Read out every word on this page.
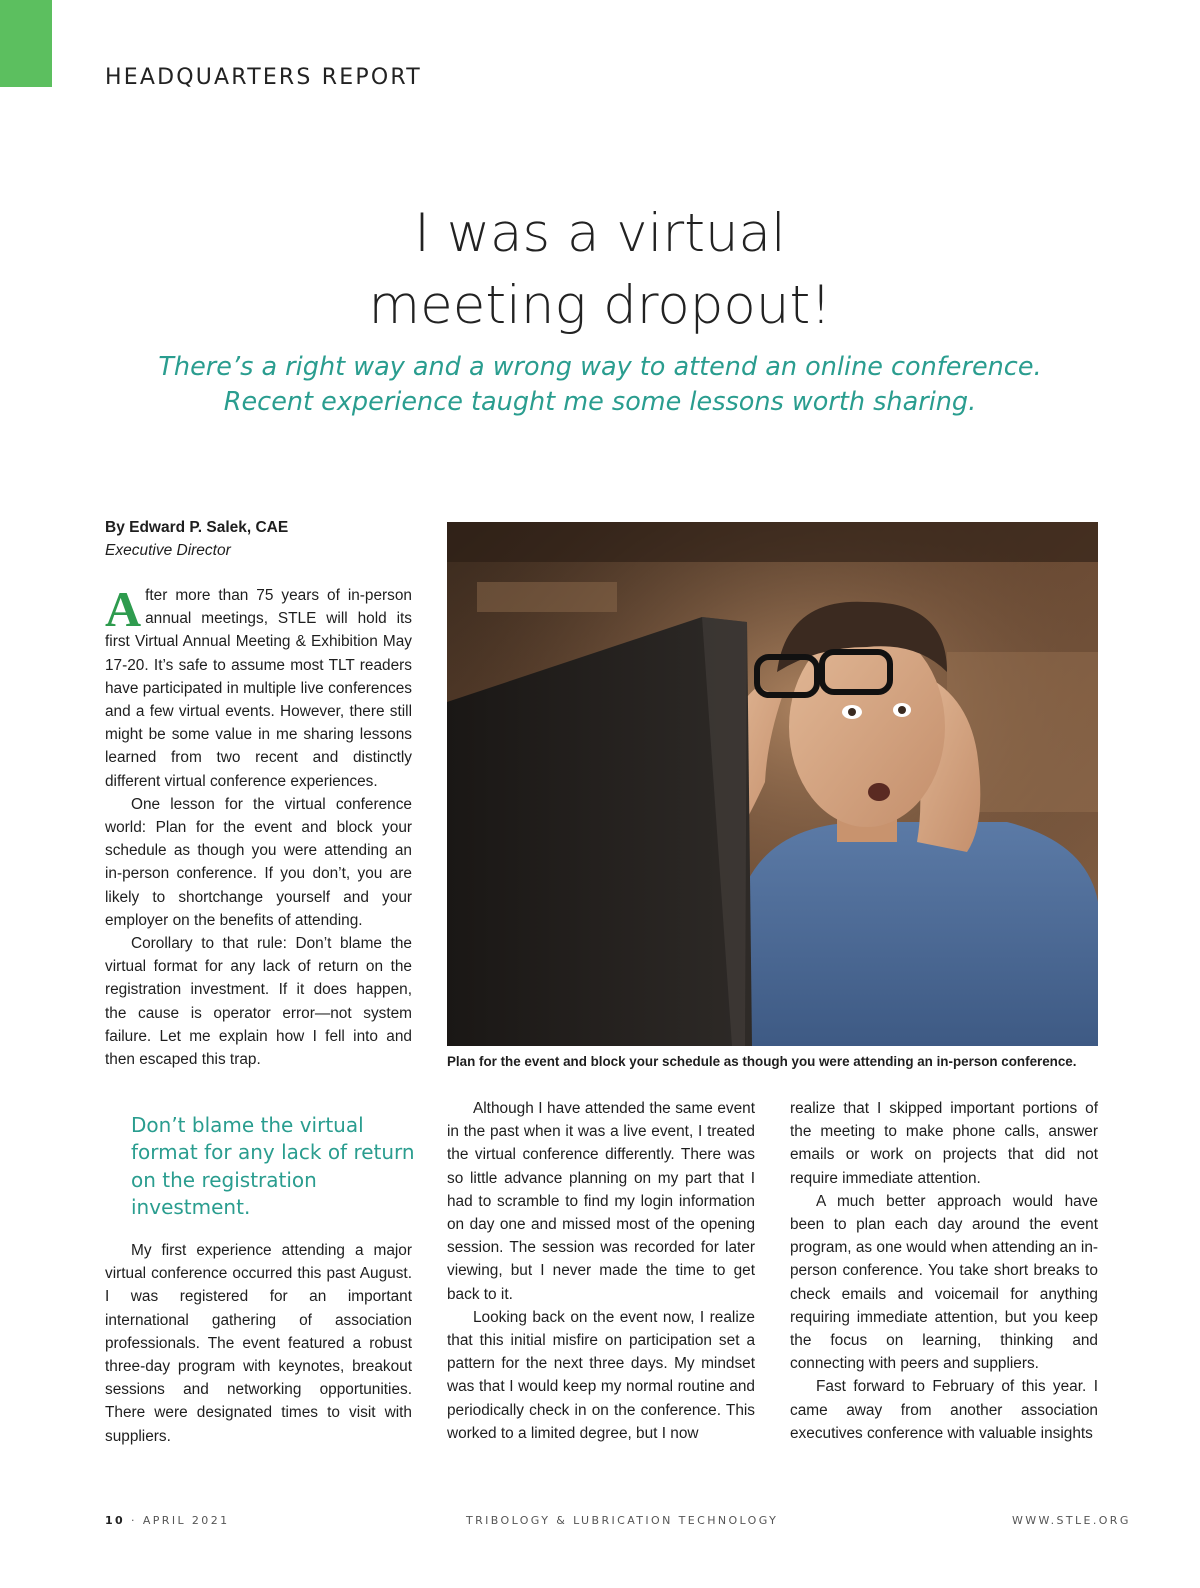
HEADQUARTERS REPORT
I was a virtual
meeting dropout!
There’s a right way and a wrong way to attend an online conference.
Recent experience taught me some lessons worth sharing.
By Edward P. Salek, CAE
Executive Director

After more than 75 years of in-person annual meetings, STLE will hold its first Virtual Annual Meeting & Exhibition May 17-20. It’s safe to assume most TLT readers have participated in multiple live conferences and a few virtual events. However, there still might be some value in me sharing lessons learned from two recent and distinctly different virtual conference experiences.

One lesson for the virtual conference world: Plan for the event and block your schedule as though you were attending an in-person conference. If you don’t, you are likely to shortchange yourself and your employer on the benefits of attending.

Corollary to that rule: Don’t blame the virtual format for any lack of return on the registration investment. If it does happen, the cause is operator error—not system failure. Let me explain how I fell into and then escaped this trap.

Don’t blame the virtual format for any lack of return on the registration investment.

My first experience attending a major virtual conference occurred this past August. I was registered for an important international gathering of association professionals. The event featured a robust three-day program with keynotes, breakout sessions and networking opportunities. There were designated times to visit with suppliers.

Plan for the event and block your schedule as though you were attending an in-person conference.

Although I have attended the same event in the past when it was a live event, I treated the virtual conference differently. There was so little advance planning on my part that I had to scramble to find my login information on day one and missed most of the opening session. The session was recorded for later viewing, but I never made the time to get back to it.

Looking back on the event now, I realize that this initial misfire on participation set a pattern for the next three days. My mindset was that I would keep my normal routine and periodically check in on the conference. This worked to a limited degree, but I now

realize that I skipped important portions of the meeting to make phone calls, answer emails or work on projects that did not require immediate attention.

A much better approach would have been to plan each day around the event program, as one would when attending an in-person conference. You take short breaks to check emails and voicemail for anything requiring immediate attention, but you keep the focus on learning, thinking and connecting with peers and suppliers.

Fast forward to February of this year. I came away from another association executives conference with valuable insights

10 · APRIL 2021	TRIBOLOGY & LUBRICATION TECHNOLOGY	WWW.STLE.ORG
